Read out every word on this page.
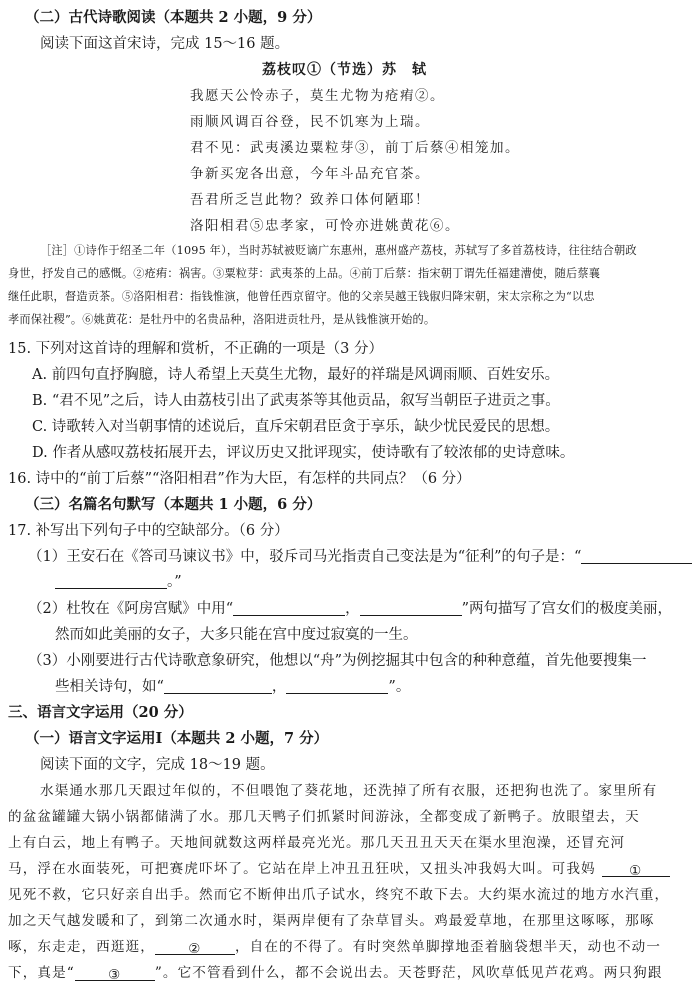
（二）古代诗歌阅读（本题共 2 小题，9 分）
阅读下面这首宋诗，完成 15～16 题。
荔枝叹①（节选） 苏　轼
我愿天公怜赤子，莫生尤物为疮痏②。
雨顺风调百谷登，民不饥寒为上瑞。
君不见：武夷溪边粟粒芽③，前丁后蔡④相笼加。
争新买宠各出意，今年斗品充官茶。
吾君所乏岂此物？致养口体何陋耶！
洛阳相君⑤忠孝家，可怜亦进姚黄花⑥。
［注］①诗作于绍圣二年（1095 年），当时苏轼被贬谪广东惠州，惠州盛产荔枝，苏轼写了多首荔枝诗，往往结合朝政
身世，抒发自己的感慨。②疮痏：祸害。③粟粒芽：武夷茶的上品。④前丁后蔡：指宋朝丁谓先任福建漕使，随后蔡襄
继任此职，督造贡茶。⑤洛阳相君：指钱惟演，他曾任西京留守。他的父亲吴越王钱俶归降宋朝，宋太宗称之为“以忠
孝而保社稷”。⑥姚黄花：是牡丹中的名贵品种，洛阳进贡牡丹，是从钱惟演开始的。
15. 下列对这首诗的理解和赏析，不正确的一项是（3 分）
A. 前四句直抒胸臆，诗人希望上天莫生尤物，最好的祥瑞是风调雨顺、百姓安乐。
B. “君不见”之后，诗人由荔枝引出了武夷茶等其他贡品，叙写当朝臣子进贡之事。
C. 诗歌转入对当朝事情的述说后，直斥宋朝君臣贪于享乐，缺少忧民爱民的思想。
D. 作者从感叹荔枝拓展开去，评议历史又批评现实，使诗歌有了较浓郁的史诗意味。
16. 诗中的“前丁后蔡”“洛阳相君”作为大臣，有怎样的共同点？（6 分）
（三）名篇名句默写（本题共 1 小题，6 分）
17. 补写出下列句子中的空缺部分。（6 分）
（1）王安石在《答司马谏议书》中，驳斥司马光指责自己变法是为“征利”的句子是：“
。”
（2）杜牧在《阿房宫赋》中用“	，	”两句描写了宫女们的极度美丽，
然而如此美丽的女子，大多只能在宫中度过寂寞的一生。
（3）小刚要进行古代诗歌意象研究，他想以“舟”为例挖掘其中包含的种种意蕴，首先他要搜集一
些相关诗句，如“	，	”。
三、语言文字运用（20 分）
（一）语言文字运用Ⅰ（本题共 2 小题，7 分）
阅读下面的文字，完成 18～19 题。
水渠通水那几天跟过年似的，不但喂饱了葵花地，还洗掉了所有衣服，还把狗也洗了。家里所有
的盆盆罐罐大锅小锅都储满了水。那几天鸭子们抓紧时间游泳，全都变成了新鸭子。放眼望去，天
上有白云，地上有鸭子。天地间就数这两样最亮光光。那几天丑丑天天在渠水里泡澡，还冒充河
马，浮在水面装死，可把赛虎吓坏了。它站在岸上冲丑丑狂吠，又扭头冲我妈大叫。可我妈 ①
见死不救，它只好亲自出手。然而它不断伸出爪子试水，终究不敢下去。大约渠水流过的地方水汽重，
加之天气越发暖和了，到第二次通水时，渠两岸便有了杂草冒头。鸡最爱草地，在那里这啄啄，那啄
啄，东走走，西逛逛， ② ，自在的不得了。有时突然单脚撑地歪着脑袋想半天，动也不动一
下，真是“ ③ ”。它不管看到什么，都不会说出去。天苍野茫，风吹草低见芦花鸡。两只狗跟
